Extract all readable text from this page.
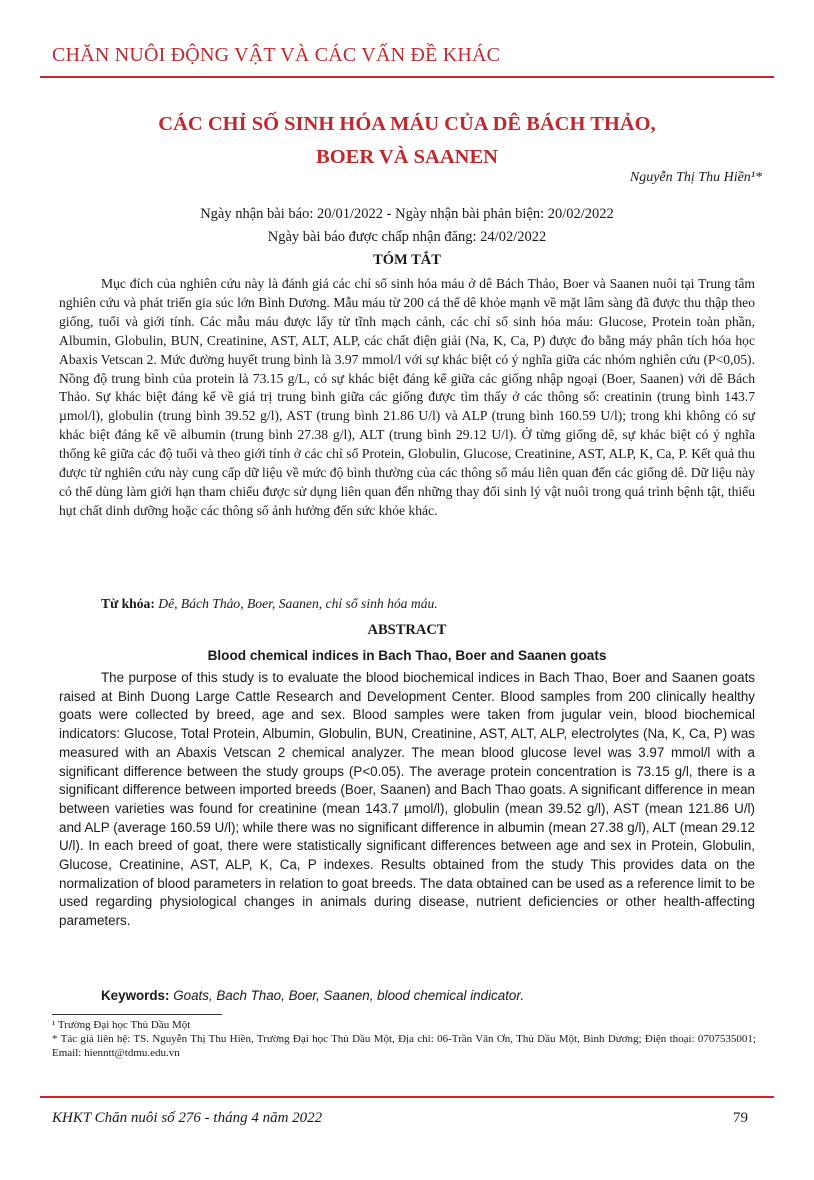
CHĂN NUÔI ĐỘNG VẬT VÀ CÁC VẤN ĐỀ KHÁC
CÁC CHỈ SỐ SINH HÓA MÁU CỦA DÊ BÁCH THẢO,
BOER VÀ SAANEN
Nguyễn Thị Thu Hiền¹*
Ngày nhận bài báo: 20/01/2022 - Ngày nhận bài phản biện: 20/02/2022
Ngày bài báo được chấp nhận đăng: 24/02/2022
TÓM TẮT
Mục đích của nghiên cứu này là đánh giá các chỉ số sinh hóa máu ở dê Bách Thảo, Boer và Saanen nuôi tại Trung tâm nghiên cứu và phát triển gia súc lớn Bình Dương. Mẫu máu từ 200 cá thể dê khỏe mạnh về mặt lâm sàng đã được thu thập theo giống, tuổi và giới tính. Các mẫu máu được lấy từ tĩnh mạch cảnh, các chỉ số sinh hóa máu: Glucose, Protein toàn phần, Albumin, Globulin, BUN, Creatinine, AST, ALT, ALP, các chất điện giải (Na, K, Ca, P) được đo bằng máy phân tích hóa học Abaxis Vetscan 2. Mức đường huyết trung bình là 3.97 mmol/l với sự khác biệt có ý nghĩa giữa các nhóm nghiên cứu (P<0,05). Nồng độ trung bình của protein là 73.15 g/L, có sự khác biệt đáng kể giữa các giống nhập ngoại (Boer, Saanen) với dê Bách Thảo. Sự khác biệt đáng kể về giá trị trung bình giữa các giống được tìm thấy ở các thông số: creatinin (trung bình 143.7 µmol/l), globulin (trung bình 39.52 g/l), AST (trung bình 21.86 U/l) và ALP (trung bình 160.59 U/l); trong khi không có sự khác biệt đáng kể về albumin (trung bình 27.38 g/l), ALT (trung bình 29.12 U/l). Ở từng giống dê, sự khác biệt có ý nghĩa thống kê giữa các độ tuổi và theo giới tính ở các chỉ số Protein, Globulin, Glucose, Creatinine, AST, ALP, K, Ca, P. Kết quả thu được từ nghiên cứu này cung cấp dữ liệu về mức độ bình thường của các thông số máu liên quan đến các giống dê. Dữ liệu này có thể dùng làm giới hạn tham chiếu được sử dụng liên quan đến những thay đổi sinh lý vật nuôi trong quá trình bệnh tật, thiếu hụt chất dinh dưỡng hoặc các thông số ảnh hưởng đến sức khỏe khác.
Từ khóa: Dê, Bách Thảo, Boer, Saanen, chỉ số sinh hóa máu.
ABSTRACT
Blood chemical indices in Bach Thao, Boer and Saanen goats
The purpose of this study is to evaluate the blood biochemical indices in Bach Thao, Boer and Saanen goats raised at Binh Duong Large Cattle Research and Development Center. Blood samples from 200 clinically healthy goats were collected by breed, age and sex. Blood samples were taken from jugular vein, blood biochemical indicators: Glucose, Total Protein, Albumin, Globulin, BUN, Creatinine, AST, ALT, ALP, electrolytes (Na, K, Ca, P) was measured with an Abaxis Vetscan 2 chemical analyzer. The mean blood glucose level was 3.97 mmol/l with a significant difference between the study groups (P<0.05). The average protein concentration is 73.15 g/l, there is a significant difference between imported breeds (Boer, Saanen) and Bach Thao goats. A significant difference in mean between varieties was found for creatinine (mean 143.7 µmol/l), globulin (mean 39.52 g/l), AST (mean 121.86 U/l) and ALP (average 160.59 U/l); while there was no significant difference in albumin (mean 27.38 g/l), ALT (mean 29.12 U/l). In each breed of goat, there were statistically significant differences between age and sex in Protein, Globulin, Glucose, Creatinine, AST, ALP, K, Ca, P indexes. Results obtained from the study This provides data on the normalization of blood parameters in relation to goat breeds. The data obtained can be used as a reference limit to be used regarding physiological changes in animals during disease, nutrient deficiencies or other health-affecting parameters.
Keywords: Goats, Bach Thao, Boer, Saanen, blood chemical indicator.
¹ Trường Đại học Thủ Dầu Một
* Tác giả liên hệ: TS. Nguyễn Thị Thu Hiền, Trường Đại học Thủ Dầu Một, Địa chỉ: 06-Trần Văn Ơn, Thủ Dầu Một, Bình Dương; Điện thoại: 0707535001; Email: hienntt@tdmu.edu.vn
KHKT Chăn nuôi số 276 - tháng 4 năm 2022	79
